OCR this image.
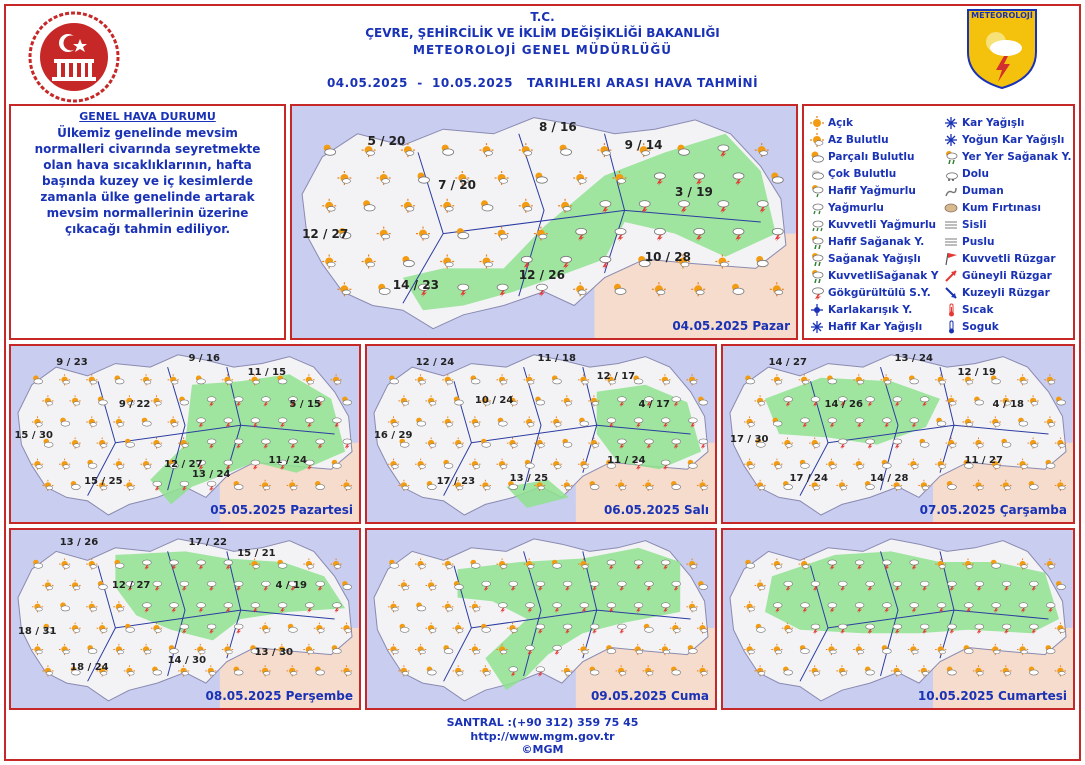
METEOROLOJİ
T.C.
ÇEVRE, ŞEHİRCİLİK VE İKLİM DEĞİŞİKLİĞİ BAKANLIĞI
METEOROLOJİ GENEL MÜDÜRLÜĞÜ
04.05.2025  -  10.05.2025   TARIHLERI ARASI HAVA TAHMİNİ
GENEL HAVA DURUMU

Ülkemiz genelinde mevsim normalleri civarında seyretmekte olan hava sıcaklıklarının, hafta başında kuzey ve iç kesimlerde zamanla ülke genelinde artarak mevsim normallerinin üzerine çıkacağı tahmin ediliyor.

04.05.2025 Pazar
5 / 20
8 / 16
9 / 14
7 / 20	3 / 19
12 / 27
10 / 28
12 / 26
14 / 23
05.05.2025 Pazartesi
9 / 23	9 / 16
11 / 15
9 / 22	5 / 15
15 / 30
11 / 24
12 / 27
13 / 24
15 / 25
06.05.2025 Salı
12 / 24	11 / 18
12 / 17
10 / 24	4 / 17
16 / 29
11 / 24
13 / 25
17 / 23
07.05.2025 Çarşamba
14 / 27	13 / 24
12 / 19
14 / 26	4 / 18
17 / 30
11 / 27
17 / 24	14 / 28
08.05.2025 Perşembe
13 / 26	17 / 22
15 / 21
12 / 27	4 / 19
18 / 31
13 / 30
18 / 24
14 / 30
09.05.2025 Cuma	10.05.2025 Cumartesi
Açık
Az Bulutlu
Parçalı Bulutlu
Çok Bulutlu
Hafif Yağmurlu
Yağmurlu
Kuvvetli Yağmurlu
Hafif Sağanak Y.
Sağanak Yağışlı
KuvvetliSağanak Y
Gökgürültülü S.Y.
Karlakarışık Y.
Hafif Kar Yağışlı
Kar Yağışlı
Yoğun Kar Yağışlı
Yer Yer Sağanak Y.
Dolu
Duman
Kum Fırtınası
Sisli
Puslu
Kuvvetli Rüzgar
Güneyli Rüzgar
Kuzeyli Rüzgar
Sıcak
Soguk
SANTRAL :(+90 312) 359 75 45
http://www.mgm.gov.tr
©MGM
